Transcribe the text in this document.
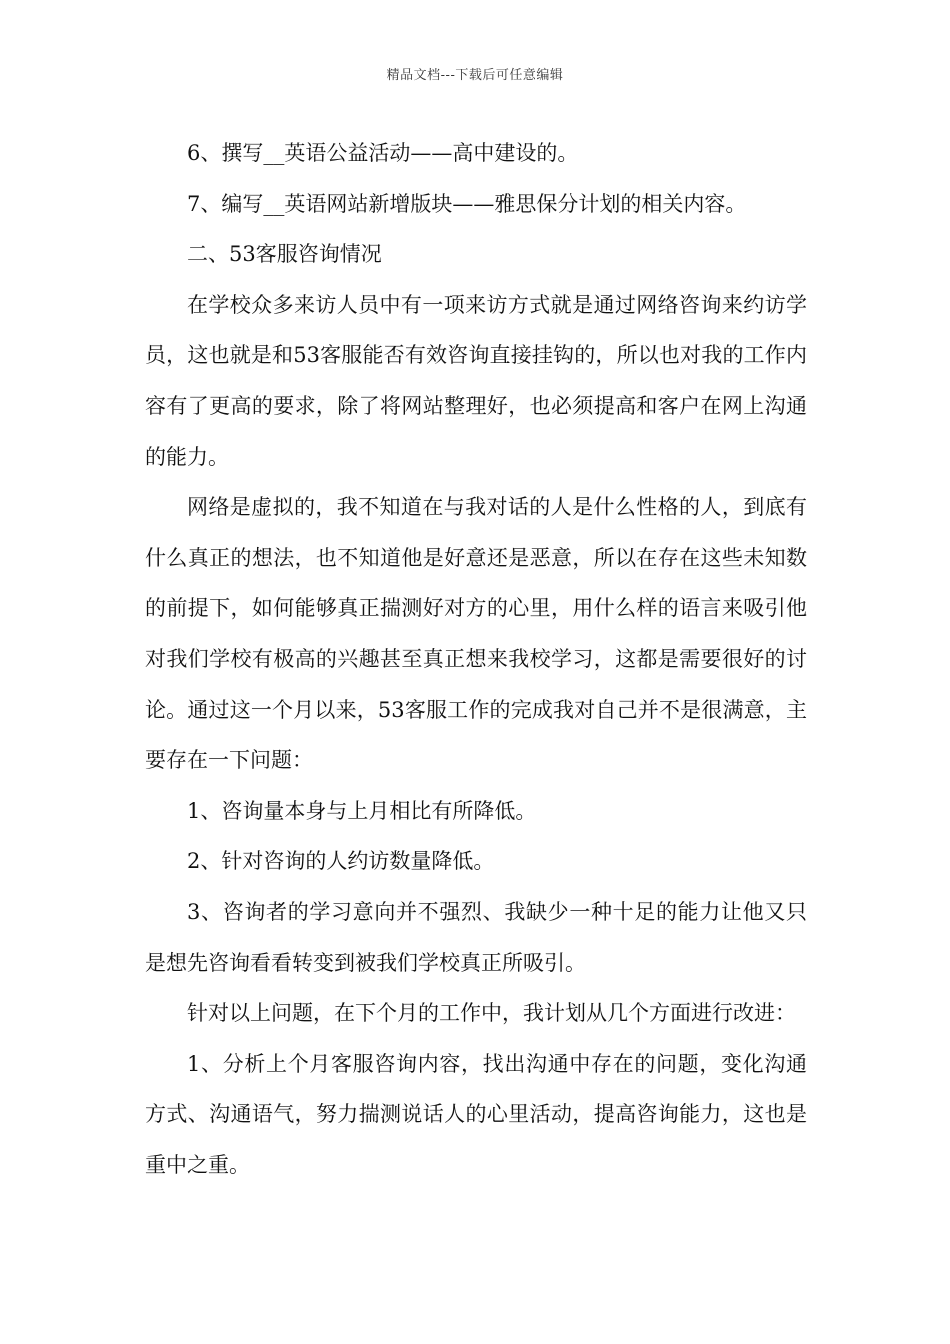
精品文档---下载后可任意编辑

6、撰写__英语公益活动——高中建设的。

7、编写__英语网站新增版块——雅思保分计划的相关内容。

二、53客服咨询情况

在学校众多来访人员中有一项来访方式就是通过网络咨询来约访学员，这也就是和53客服能否有效咨询直接挂钩的，所以也对我的工作内容有了更高的要求，除了将网站整理好，也必须提高和客户在网上沟通的能力。

网络是虚拟的，我不知道在与我对话的人是什么性格的人，到底有什么真正的想法，也不知道他是好意还是恶意，所以在存在这些未知数的前提下，如何能够真正揣测好对方的心里，用什么样的语言来吸引他对我们学校有极高的兴趣甚至真正想来我校学习，这都是需要很好的讨论。通过这一个月以来，53客服工作的完成我对自己并不是很满意，主要存在一下问题：

1、咨询量本身与上月相比有所降低。

2、针对咨询的人约访数量降低。

3、咨询者的学习意向并不强烈、我缺少一种十足的能力让他又只是想先咨询看看转变到被我们学校真正所吸引。

针对以上问题，在下个月的工作中，我计划从几个方面进行改进：

1、分析上个月客服咨询内容，找出沟通中存在的问题，变化沟通方式、沟通语气，努力揣测说话人的心里活动，提高咨询能力，这也是重中之重。
